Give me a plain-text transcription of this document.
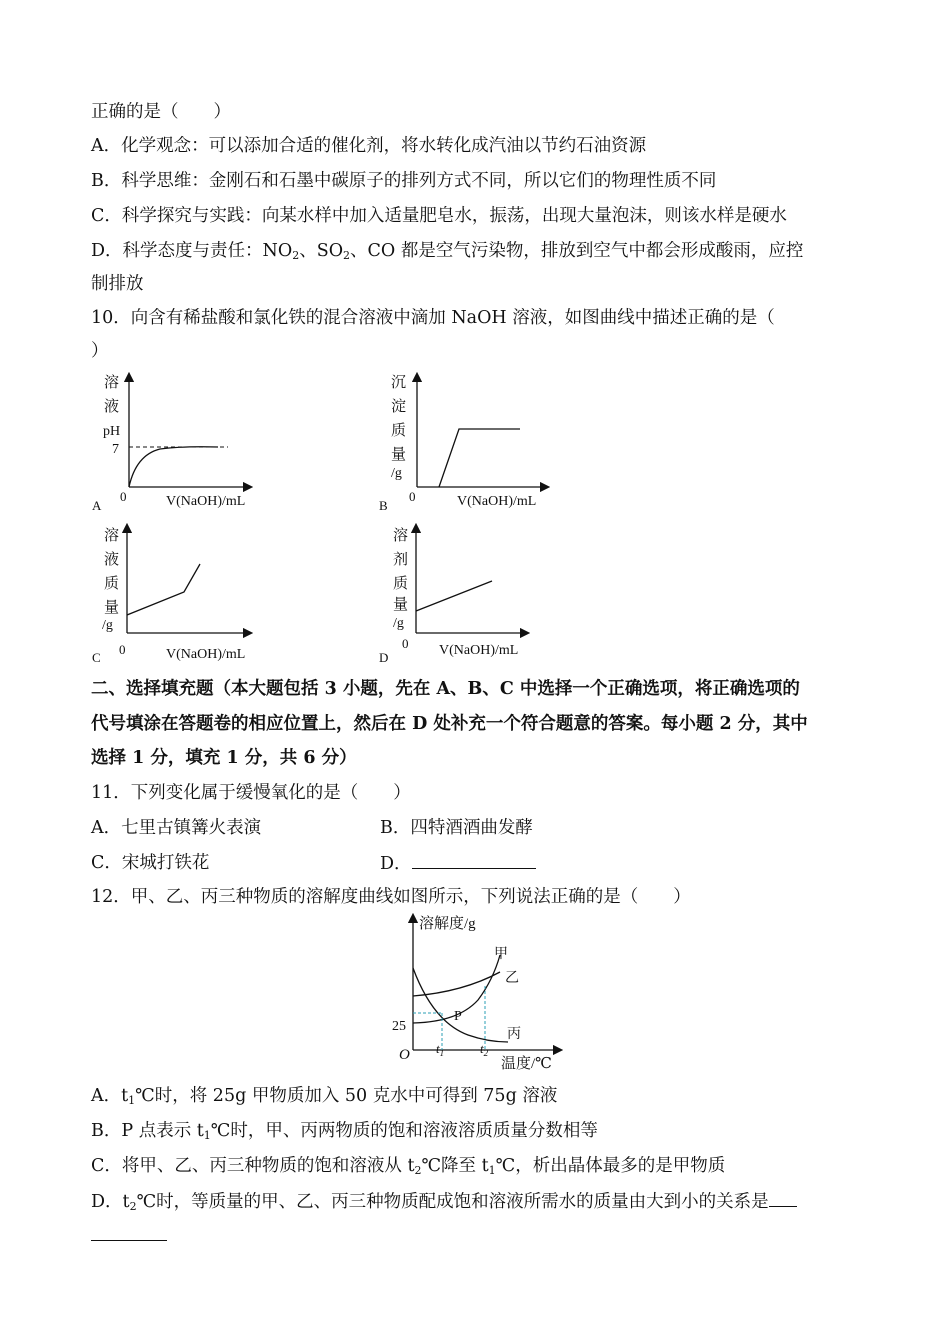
正确的是（　　）
A．化学观念：可以添加合适的催化剂，将水转化成汽油以节约石油资源
B．科学思维：金刚石和石墨中碳原子的排列方式不同，所以它们的物理性质不同
C．科学探究与实践：向某水样中加入适量肥皂水，振荡，出现大量泡沫，则该水样是硬水
D．科学态度与责任：$NO_2$、$SO_2$、CO 都是空气污染物，排放到空气中都会形成酸雨，应控
制排放
10．向含有稀盐酸和氯化铁的混合溶液中滴加 NaOH 溶液，如图曲线中描述正确的是（
）
溶
液
pH
7
0	V(NaOH)/mL
A
沉
淀
质
量
/g
0	V(NaOH)/mL
B
溶
液
质
量
/g
0	V(NaOH)/mL
C
溶
剂
质
量
/g
0 V(NaOH)/mL
D
二、选择填充题（本大题包括 3 小题，先在 A、B、C 中选择一个正确选项，将正确选项的
代号填涂在答题卷的相应位置上，然后在 D 处补充一个符合题意的答案。每小题 2 分，其中
选择 1 分，填充 1 分，共 6 分）
11．下列变化属于缓慢氧化的是（　　）
A．七里古镇篝火表演	B．四特酒酒曲发酵
C．宋城打铁花	D．
12．甲、乙、丙三种物质的溶解度曲线如图所示，下列说法正确的是（　　）
溶解度/g
甲
乙
丙
P
25
O $t_1$	$t_2$
温度/℃
A．$t_1℃$时，将 25g 甲物质加入 50 克水中可得到 75g 溶液
B．P 点表示 $t_1℃$时，甲、丙两物质的饱和溶液溶质质量分数相等
C．将甲、乙、丙三种物质的饱和溶液从 $t_2℃$降至 $t_1℃$，析出晶体最多的是甲物质
D．$t_2℃$时，等质量的甲、乙、丙三种物质配成饱和溶液所需水的质量由大到小的关系是
